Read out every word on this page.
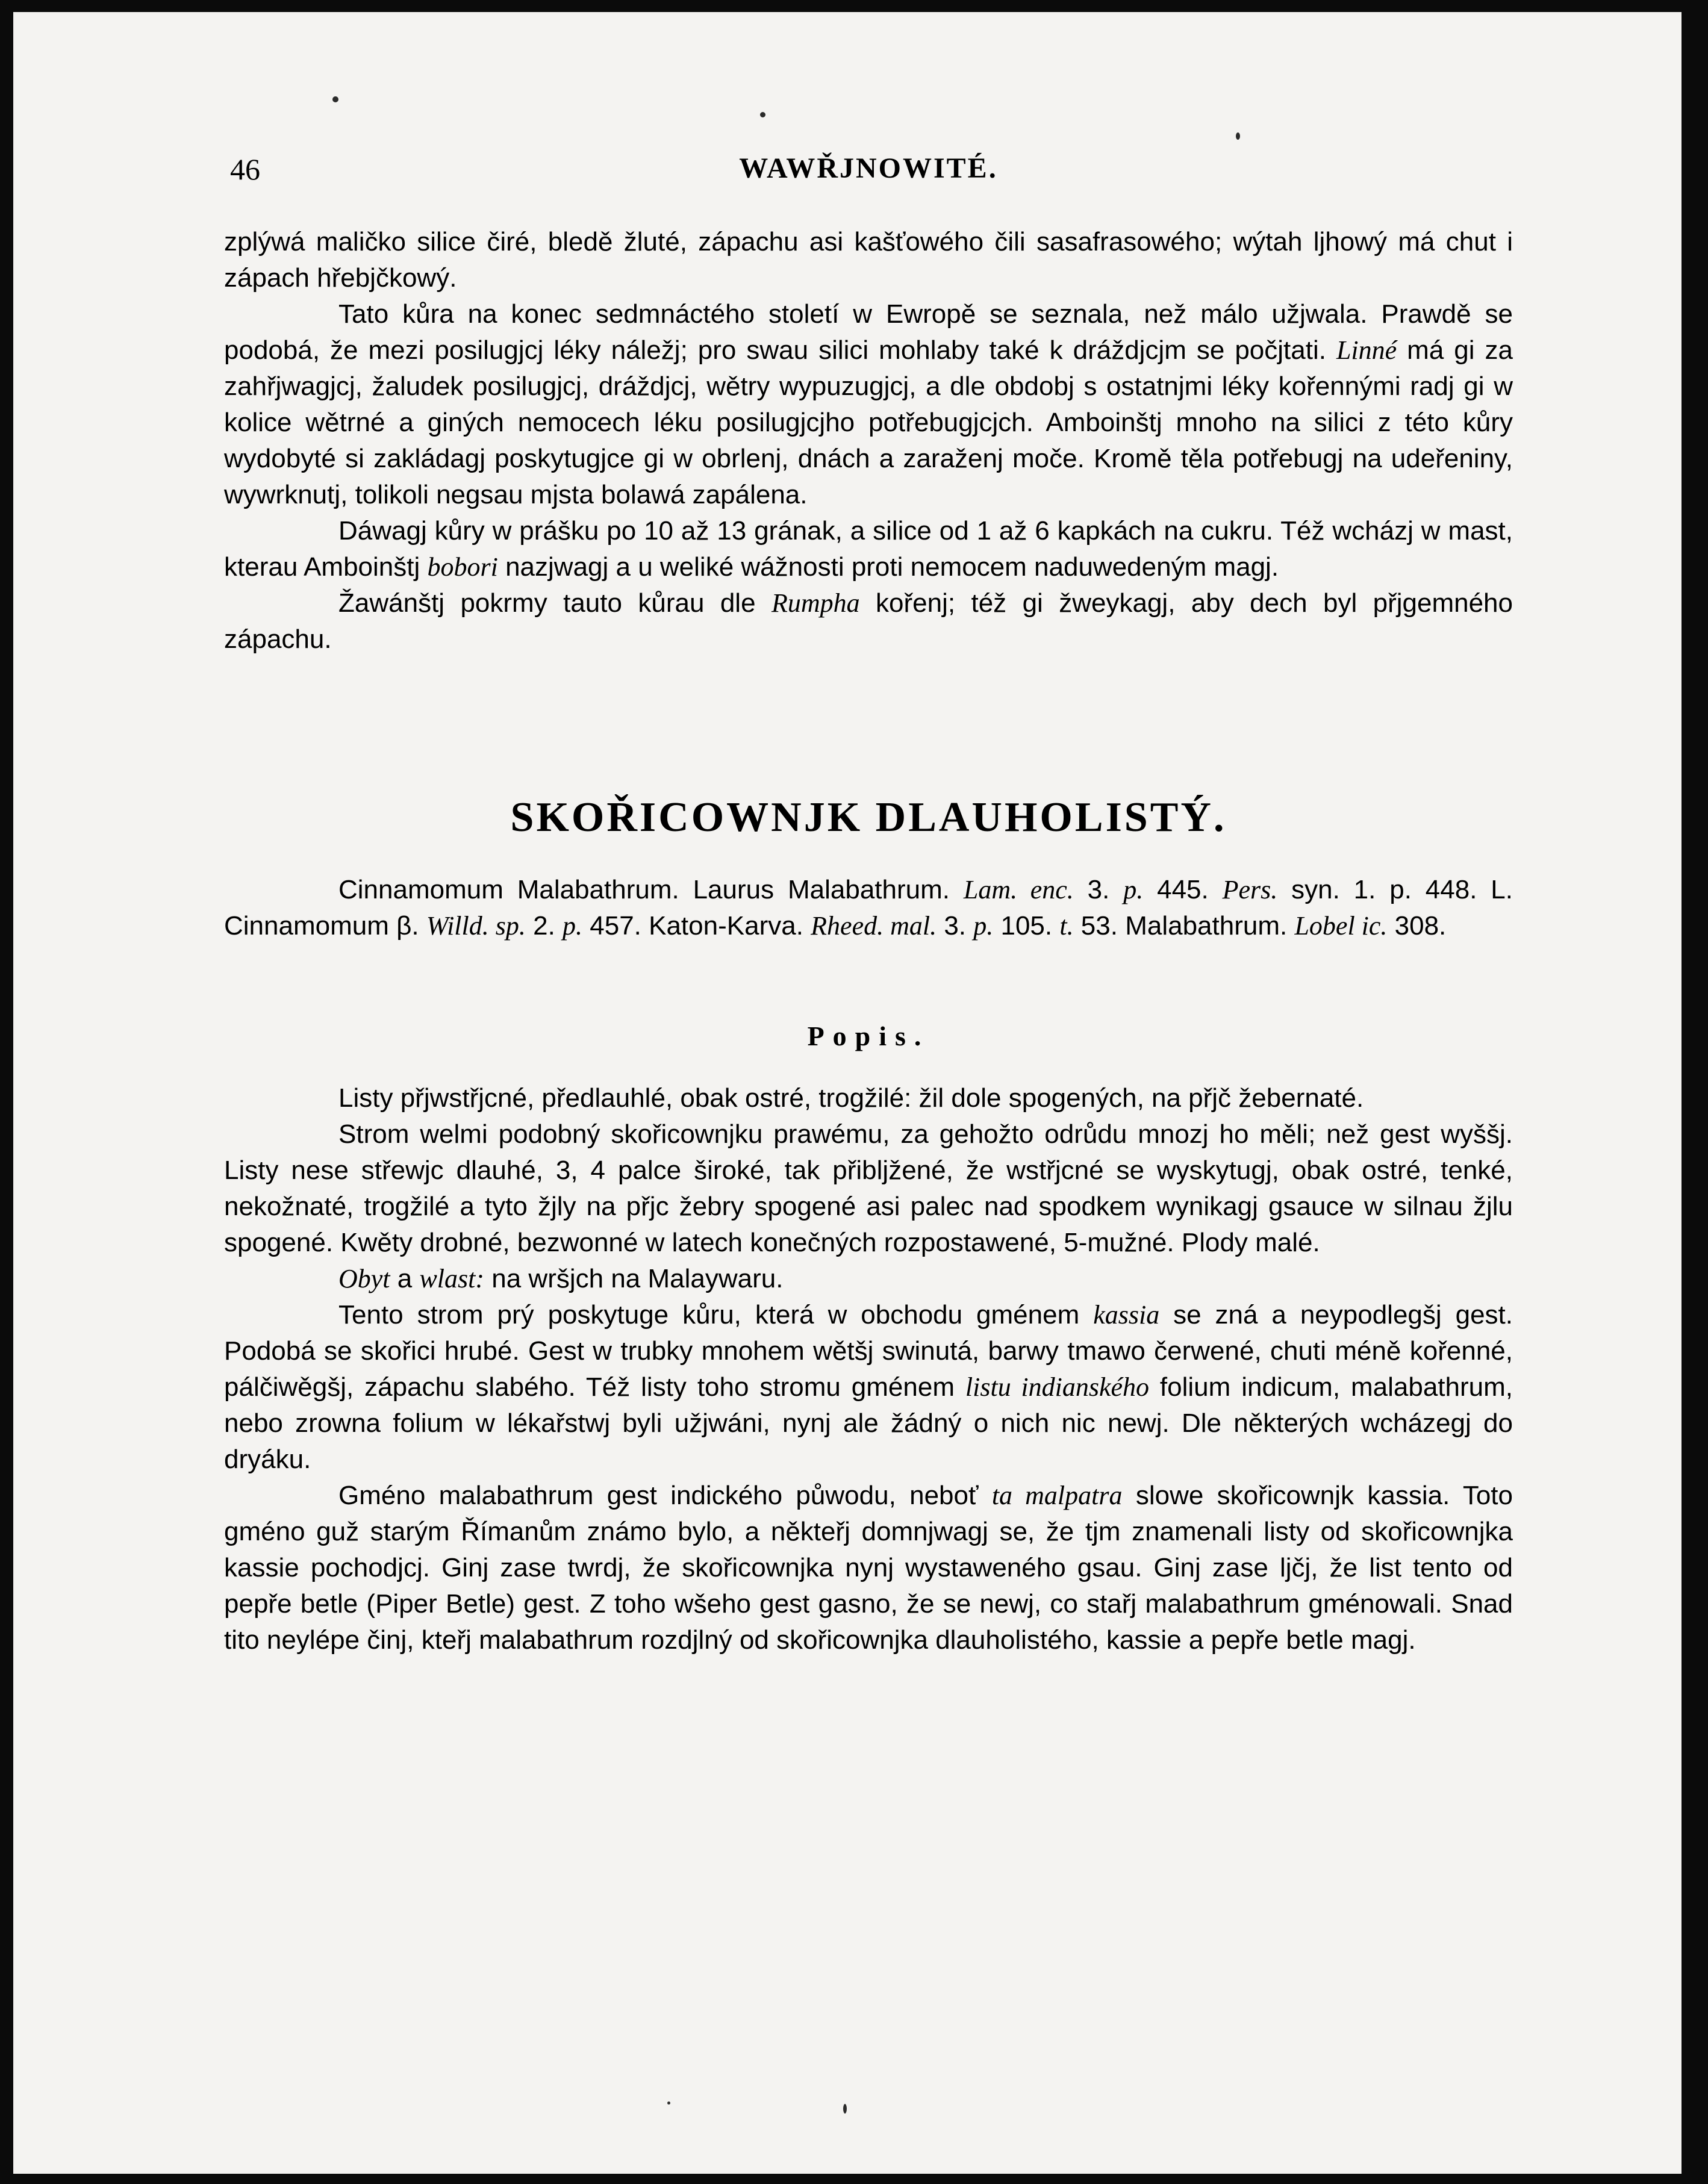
46	WAWŘJNOWITÉ.

zplýwá maličko silice čiré, bledě žluté, zápachu asi kašťowého čili sasafrasowého; wýtah ljhowý má chut i zápach hřebjčkowý.

Tato kůra na konec sedmnáctého století w Ewropě se seznala, než málo užjwala. Prawdě se podobá, že mezi posilugjcj léky náležj; pro swau silici mohlaby také k dráždjcjm se počjtati. Linné má gi za zahřjwagjcj, žaludek posilugjcj, dráždjcj, wětry wypuzugjcj, a dle obdobj s ostatnjmi léky kořennými radj gi w kolice wětrné a giných nemocech léku posilugjcjho potřebugjcjch. Amboinštj mnoho na silici z této kůry wydobyté si zakládagj poskytugjce gi w obrlenj, dnách a zaraženj moče. Kromě těla potřebugj na udeřeniny, wywrknutj, tolikoli negsau mjsta bolawá zapálena.

Dáwagj kůry w prášku po 10 až 13 grának, a silice od 1 až 6 kapkách na cukru. Též wcházj w mast, kterau Amboinštj bobori nazjwagj a u weliké wážnosti proti nemocem naduwedeným magj.

Žawánštj pokrmy tauto kůrau dle Rumpha kořenj; též gi žweykagj, aby dech byl přjgemného zápachu.

SKOŘICOWNJK DLAUHOLISTÝ.

Cinnamomum Malabathrum. Laurus Malabathrum. Lam. enc. 3. p. 445. Pers. syn. 1. p. 448. L. Cinnamomum β. Willd. sp. 2. p. 457. Katon-Karva. Rheed. mal. 3. p. 105. t. 53. Malabathrum. Lobel ic. 308.

Popis.

Listy přjwstřjcné, předlauhlé, obak ostré, trogžilé: žil dole spogených, na přjč žebernaté.

Strom welmi podobný skořicownjku prawému, za gehožto odrůdu mnozj ho měli; než gest wyššj. Listy nese střewjc dlauhé, 3, 4 palce široké, tak přibljžené, že wstřjcné se wyskytugj, obak ostré, tenké, nekožnaté, trogžilé a tyto žjly na přjc žebry spogené asi palec nad spodkem wynikagj gsauce w silnau žjlu spogené. Kwěty drobné, bezwonné w latech konečných rozpostawené, 5-mužné. Plody malé.

Obyt a wlast: na wršjch na Malaywaru.

Tento strom prý poskytuge kůru, která w obchodu gménem kassia se zná a neypodlegšj gest. Podobá se skořici hrubé. Gest w trubky mnohem wětšj swinutá, barwy tmawo čerwené, chuti méně kořenné, pálčiwěgšj, zápachu slabého. Též listy toho stromu gménem listu indianského folium indicum, malabathrum, nebo zrowna folium w lékařstwj byli užjwáni, nynj ale žádný o nich nic newj. Dle některých wcházegj do dryáku.

Gméno malabathrum gest indického půwodu, neboť ta malpatra slowe skořicownjk kassia. Toto gméno guž starým Římanům známo bylo, a někteřj domnjwagj se, že tjm znamenali listy od skořicownjka kassie pochodjcj. Ginj zase twrdj, že skořicownjka nynj wystaweného gsau. Ginj zase ljčj, že list tento od pepře betle (Piper Betle) gest. Z toho wšeho gest gasno, že se newj, co stařj malabathrum gménowali. Snad tito neylépe činj, kteřj malabathrum rozdjlný od skořicownjka dlauholistého, kassie a pepře betle magj.
